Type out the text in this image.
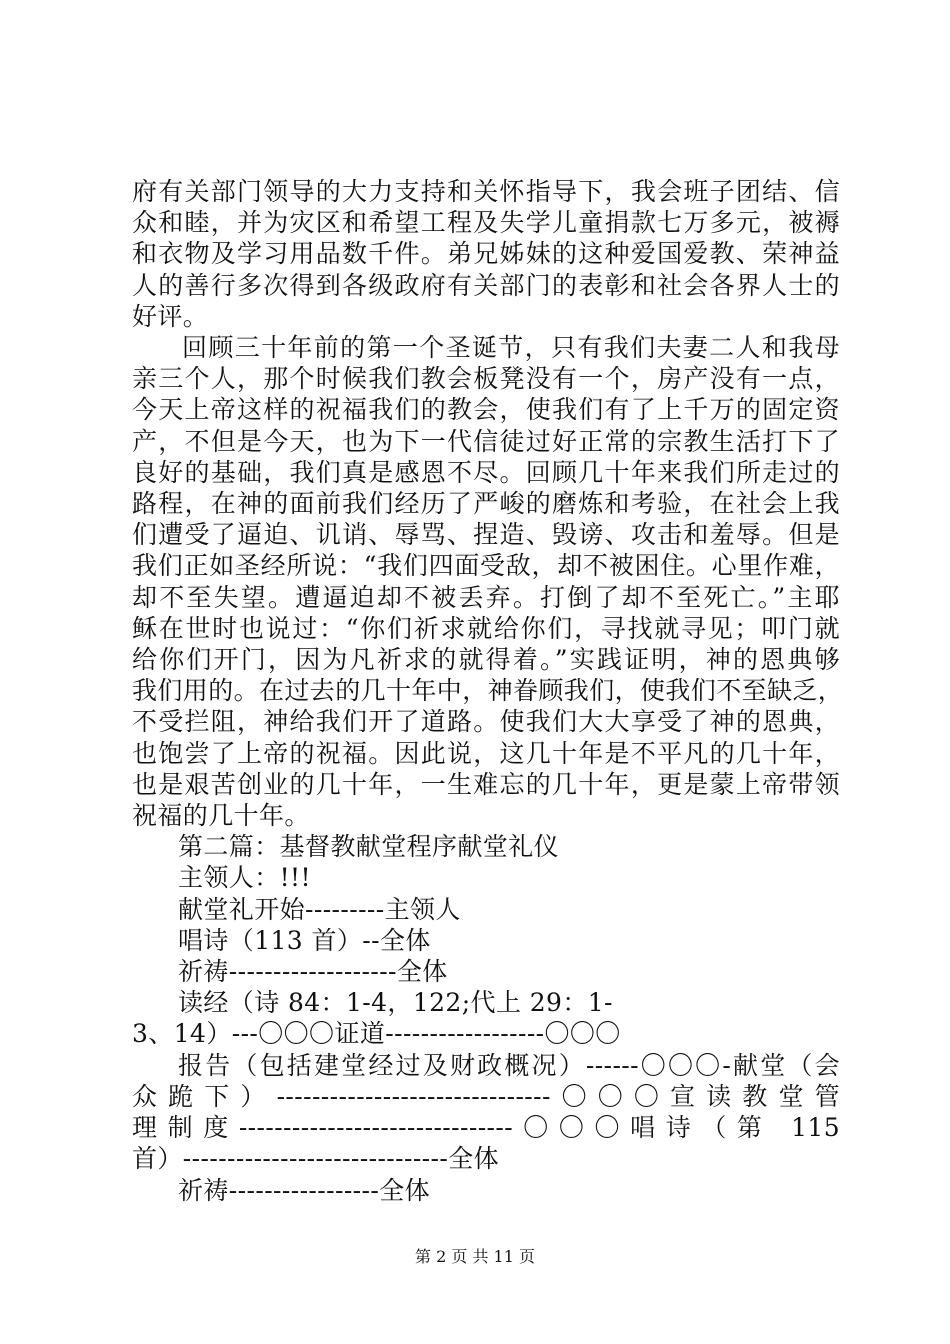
府有关部门领导的大力支持和关怀指导下，我会班子团结、信
众和睦，并为灾区和希望工程及失学儿童捐款七万多元，被褥
和衣物及学习用品数千件。弟兄姊妹的这种爱国爱教、荣神益
人的善行多次得到各级政府有关部门的表彰和社会各界人士的
好评。
回顾三十年前的第一个圣诞节，只有我们夫妻二人和我母
亲三个人，那个时候我们教会板凳没有一个，房产没有一点，
今天上帝这样的祝福我们的教会，使我们有了上千万的固定资
产，不但是今天，也为下一代信徒过好正常的宗教生活打下了
良好的基础，我们真是感恩不尽。回顾几十年来我们所走过的
路程，在神的面前我们经历了严峻的磨炼和考验，在社会上我
们遭受了逼迫、讥诮、辱骂、捏造、毁谤、攻击和羞辱。但是
我们正如圣经所说：“我们四面受敌，却不被困住。心里作难，
却不至失望。遭逼迫却不被丢弃。打倒了却不至死亡。”主耶
稣在世时也说过：“你们祈求就给你们，寻找就寻见；叩门就
给你们开门，因为凡祈求的就得着。”实践证明，神的恩典够
我们用的。在过去的几十年中，神眷顾我们，使我们不至缺乏，
不受拦阻，神给我们开了道路。使我们大大享受了神的恩典，
也饱尝了上帝的祝福。因此说，这几十年是不平凡的几十年，
也是艰苦创业的几十年，一生难忘的几十年，更是蒙上帝带领
祝福的几十年。
第二篇：基督教献堂程序献堂礼仪
主领人：!!!
献堂礼开始---------主领人
唱诗（113 首）--全体
祈祷-------------------全体
读经（诗 84：1-4，122;代上 29：1-
3、14）---〇〇〇证道------------------〇〇〇
报告（包括建堂经过及财政概况）------〇〇〇-献堂（会
众跪下）-------------------------------〇〇〇宣读教堂管
理制度-------------------------------〇〇〇唱诗（第 115
首）------------------------------全体
祈祷-----------------全体
第 2 页 共 11 页
